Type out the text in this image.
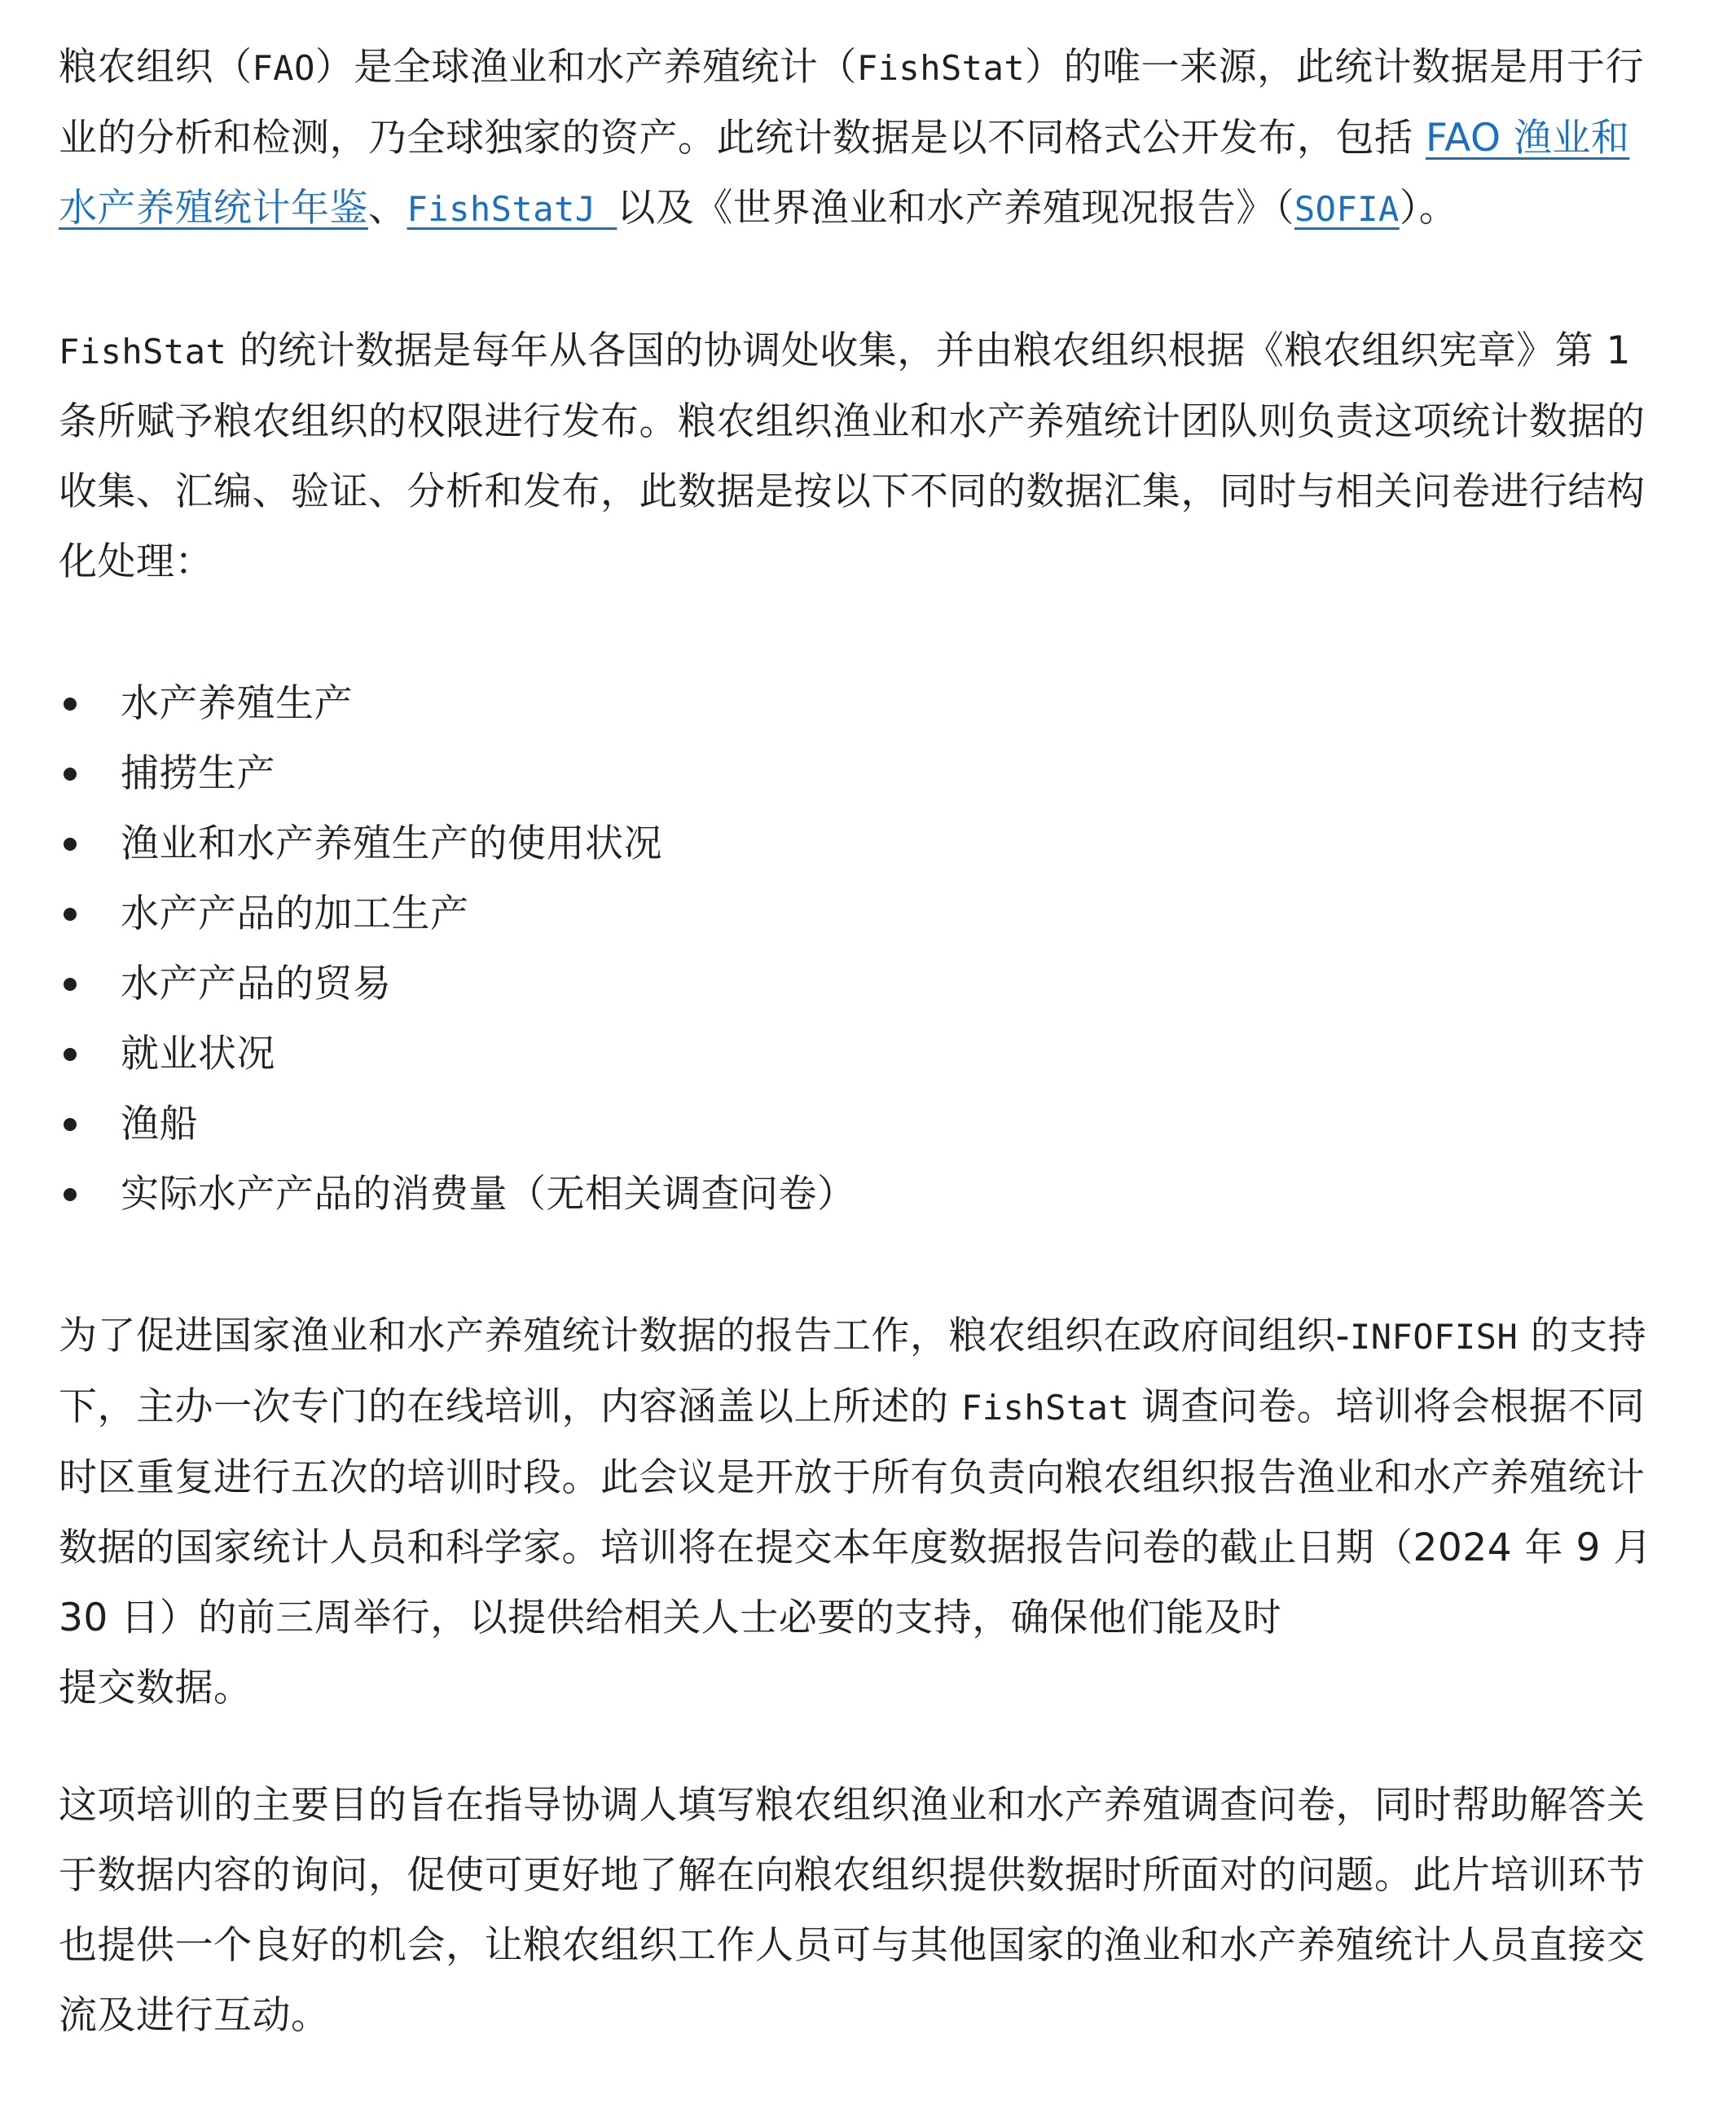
粮农组织（FAO）是全球渔业和水产养殖统计（FishStat）的唯一来源，此统计数据是用于行业的分析和检测，乃全球独家的资产。此统计数据是以不同格式公开发布，包括 FAO 渔业和水产养殖统计年鉴、FishStatJ 以及《世界渔业和水产养殖现况报告》（SOFIA）。

FishStat 的统计数据是每年从各国的协调处收集，并由粮农组织根据《粮农组织宪章》第 1 条所赋予粮农组织的权限进行发布。粮农组织渔业和水产养殖统计团队则负责这项统计数据的收集、汇编、验证、分析和发布，此数据是按以下不同的数据汇集，同时与相关问卷进行结构化处理：

水产养殖生产
捕捞生产
渔业和水产养殖生产的使用状况
水产产品的加工生产
水产产品的贸易
就业状况
渔船
实际水产产品的消费量（无相关调查问卷）

为了促进国家渔业和水产养殖统计数据的报告工作，粮农组织在政府间组织-INFOFISH 的支持下，主办一次专门的在线培训，内容涵盖以上所述的 FishStat 调查问卷。培训将会根据不同时区重复进行五次的培训时段。此会议是开放于所有负责向粮农组织报告渔业和水产养殖统计数据的国家统计人员和科学家。培训将在提交本年度数据报告问卷的截止日期（2024 年 9 月 30 日）的前三周举行，以提供给相关人士必要的支持，确保他们能及时
提交数据。

这项培训的主要目的旨在指导协调人填写粮农组织渔业和水产养殖调查问卷，同时帮助解答关于数据内容的询问，促使可更好地了解在向粮农组织提供数据时所面对的问题。此片培训环节也提供一个良好的机会，让粮农组织工作人员可与其他国家的渔业和水产养殖统计人员直接交流及进行互动。
